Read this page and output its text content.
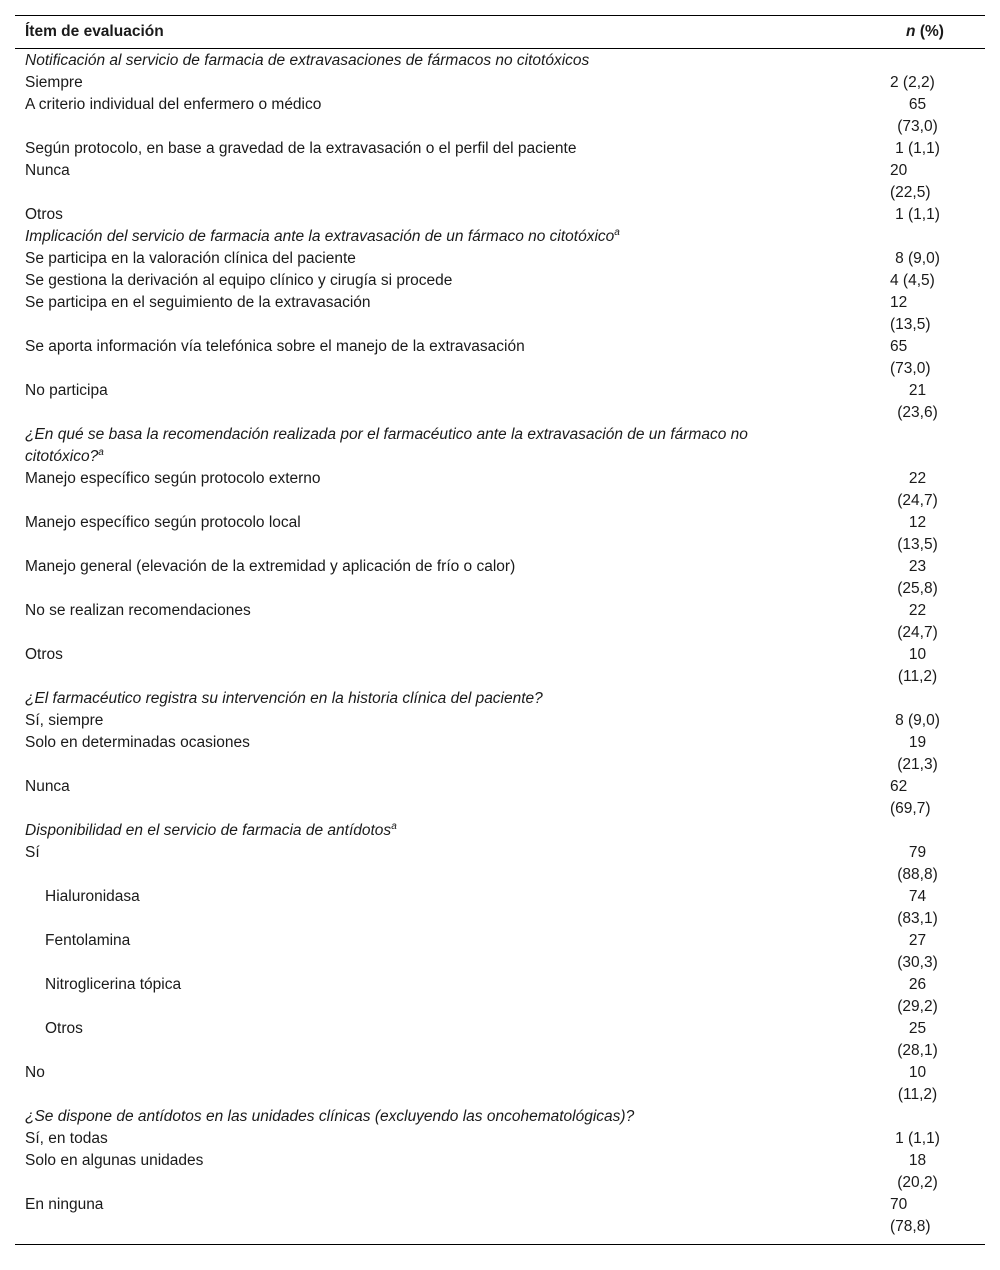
Ítem de evaluación	n (%)
Notificación al servicio de farmacia de extravasaciones de fármacos no citotóxicos
Siempre	2 (2,2)
A criterio individual del enfermero o médico	65 (73,0)
Según protocolo, en base a gravedad de la extravasación o el perfil del paciente	1 (1,1)
Nunca	20 (22,5)
Otros	1 (1,1)
Implicación del servicio de farmacia ante la extravasación de un fármaco no citotóxico$^a$
Se participa en la valoración clínica del paciente	8 (9,0)
Se gestiona la derivación al equipo clínico y cirugía si procede	4 (4,5)
Se participa en el seguimiento de la extravasación	12 (13,5)
Se aporta información vía telefónica sobre el manejo de la extravasación	65 (73,0)
No participa	21 (23,6)
¿En qué se basa la recomendación realizada por el farmacéutico ante la extravasación de un fármaco no citotóxico?$^a$
Manejo específico según protocolo externo	22 (24,7)
Manejo específico según protocolo local	12 (13,5)
Manejo general (elevación de la extremidad y aplicación de frío o calor)	23 (25,8)
No se realizan recomendaciones	22 (24,7)
Otros	10 (11,2)
¿El farmacéutico registra su intervención en la historia clínica del paciente?
Sí, siempre	8 (9,0)
Solo en determinadas ocasiones	19 (21,3)
Nunca	62 (69,7)
Disponibilidad en el servicio de farmacia de antídotos$^a$
Sí	79 (88,8)
Hialuronidasa	74 (83,1)
Fentolamina	27 (30,3)
Nitroglicerina tópica	26 (29,2)
Otros	25 (28,1)
No	10 (11,2)
¿Se dispone de antídotos en las unidades clínicas (excluyendo las oncohematológicas)?
Sí, en todas	1 (1,1)
Solo en algunas unidades	18 (20,2)
En ninguna	70 (78,8)
